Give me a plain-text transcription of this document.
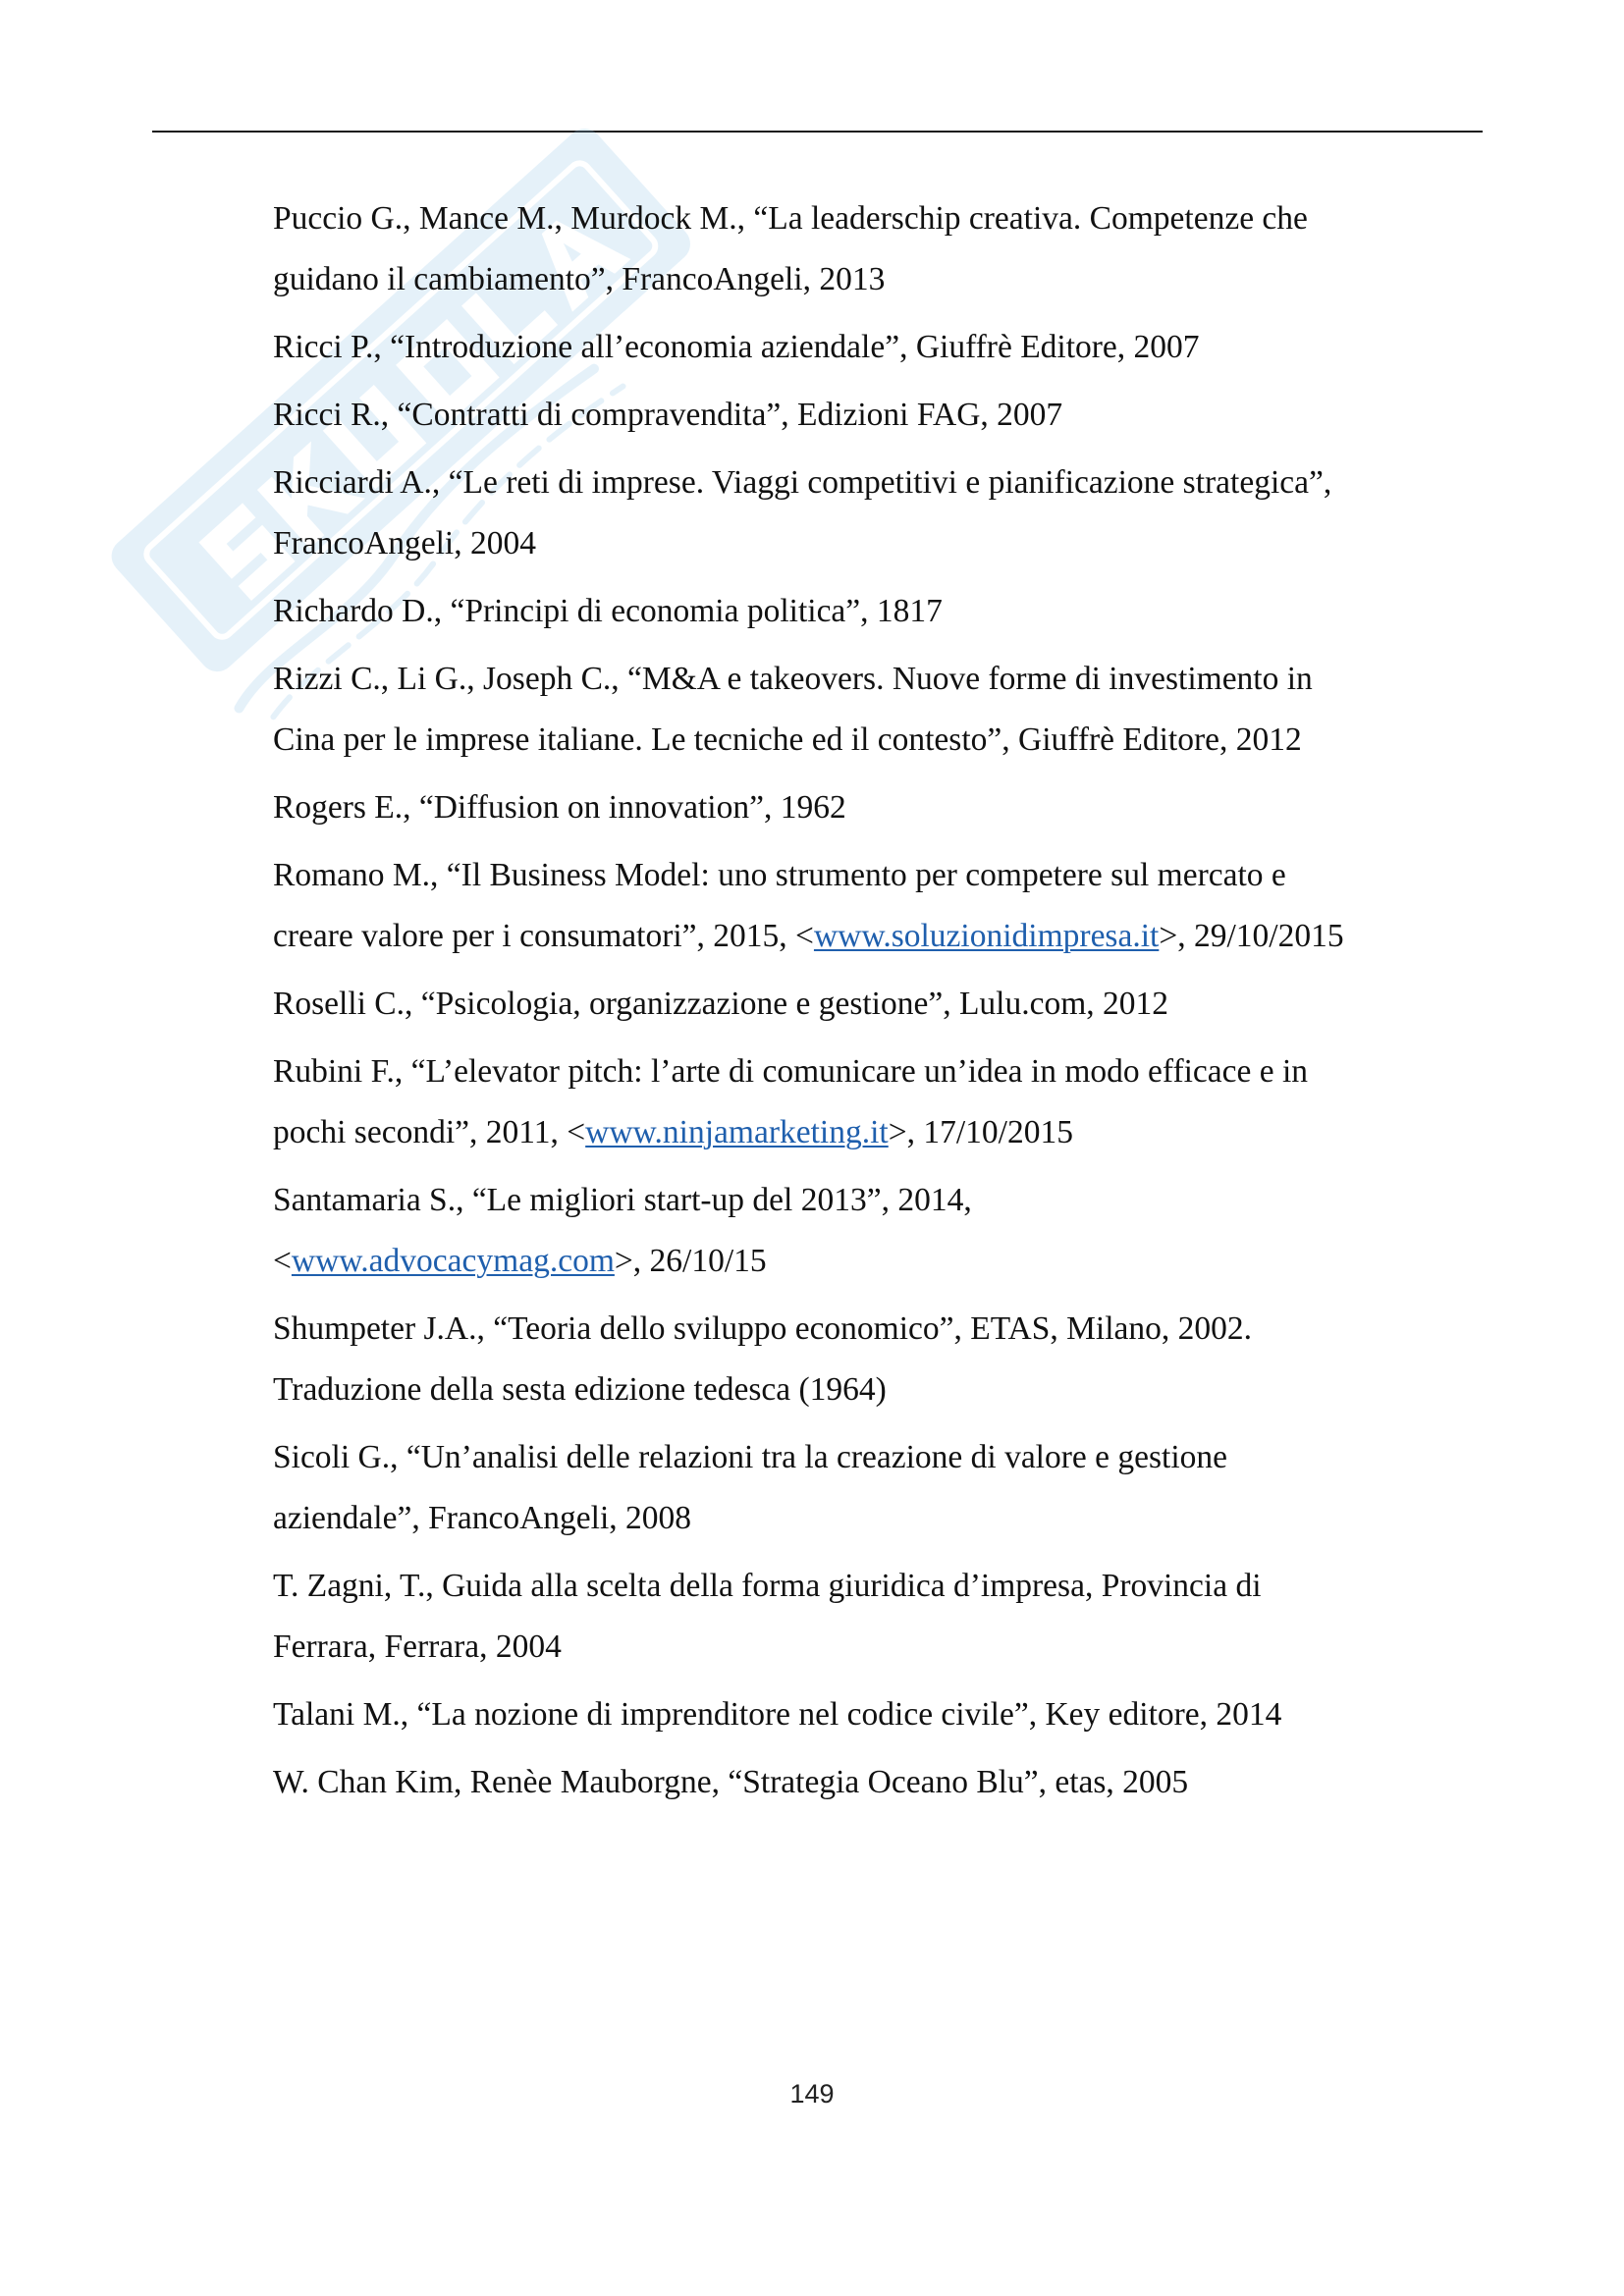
Puccio G., Mance M., Murdock M., “La leaderschip creativa. Competenze che
guidano il cambiamento”, FrancoAngeli, 2013
Ricci P., “Introduzione all’economia aziendale”, Giuffrè Editore, 2007
Ricci R., “Contratti di compravendita”, Edizioni FAG, 2007
Ricciardi A., “Le reti di imprese. Viaggi competitivi e pianificazione strategica”,
FrancoAngeli, 2004
Richardo D., “Principi di economia politica”, 1817
Rizzi C., Li G., Joseph C., “M&A e takeovers. Nuove forme di investimento in
Cina per le imprese italiane. Le tecniche ed il contesto”, Giuffrè Editore, 2012
Rogers E., “Diffusion on innovation”, 1962
Romano M., “Il Business Model: uno strumento per competere sul mercato e
creare valore per i consumatori”, 2015, <www.soluzionidimpresa.it>, 29/10/2015
Roselli C., “Psicologia, organizzazione e gestione”, Lulu.com, 2012
Rubini F., “L’elevator pitch: l’arte di comunicare un’idea in modo efficace e in
pochi secondi”, 2011, <www.ninjamarketing.it>, 17/10/2015
Santamaria S., “Le migliori start-up del 2013”, 2014,
<www.advocacymag.com>, 26/10/15
Shumpeter J.A., “Teoria dello sviluppo economico”, ETAS, Milano, 2002.
Traduzione della sesta edizione tedesca (1964)
Sicoli G., “Un’analisi delle relazioni tra la creazione di valore e gestione
aziendale”, FrancoAngeli, 2008
T. Zagni, T., Guida alla scelta della forma giuridica d’impresa, Provincia di
Ferrara, Ferrara, 2004
Talani M., “La nozione di imprenditore nel codice civile”, Key editore, 2014
W. Chan Kim, Renèe Mauborgne, “Strategia Oceano Blu”, etas, 2005
149
